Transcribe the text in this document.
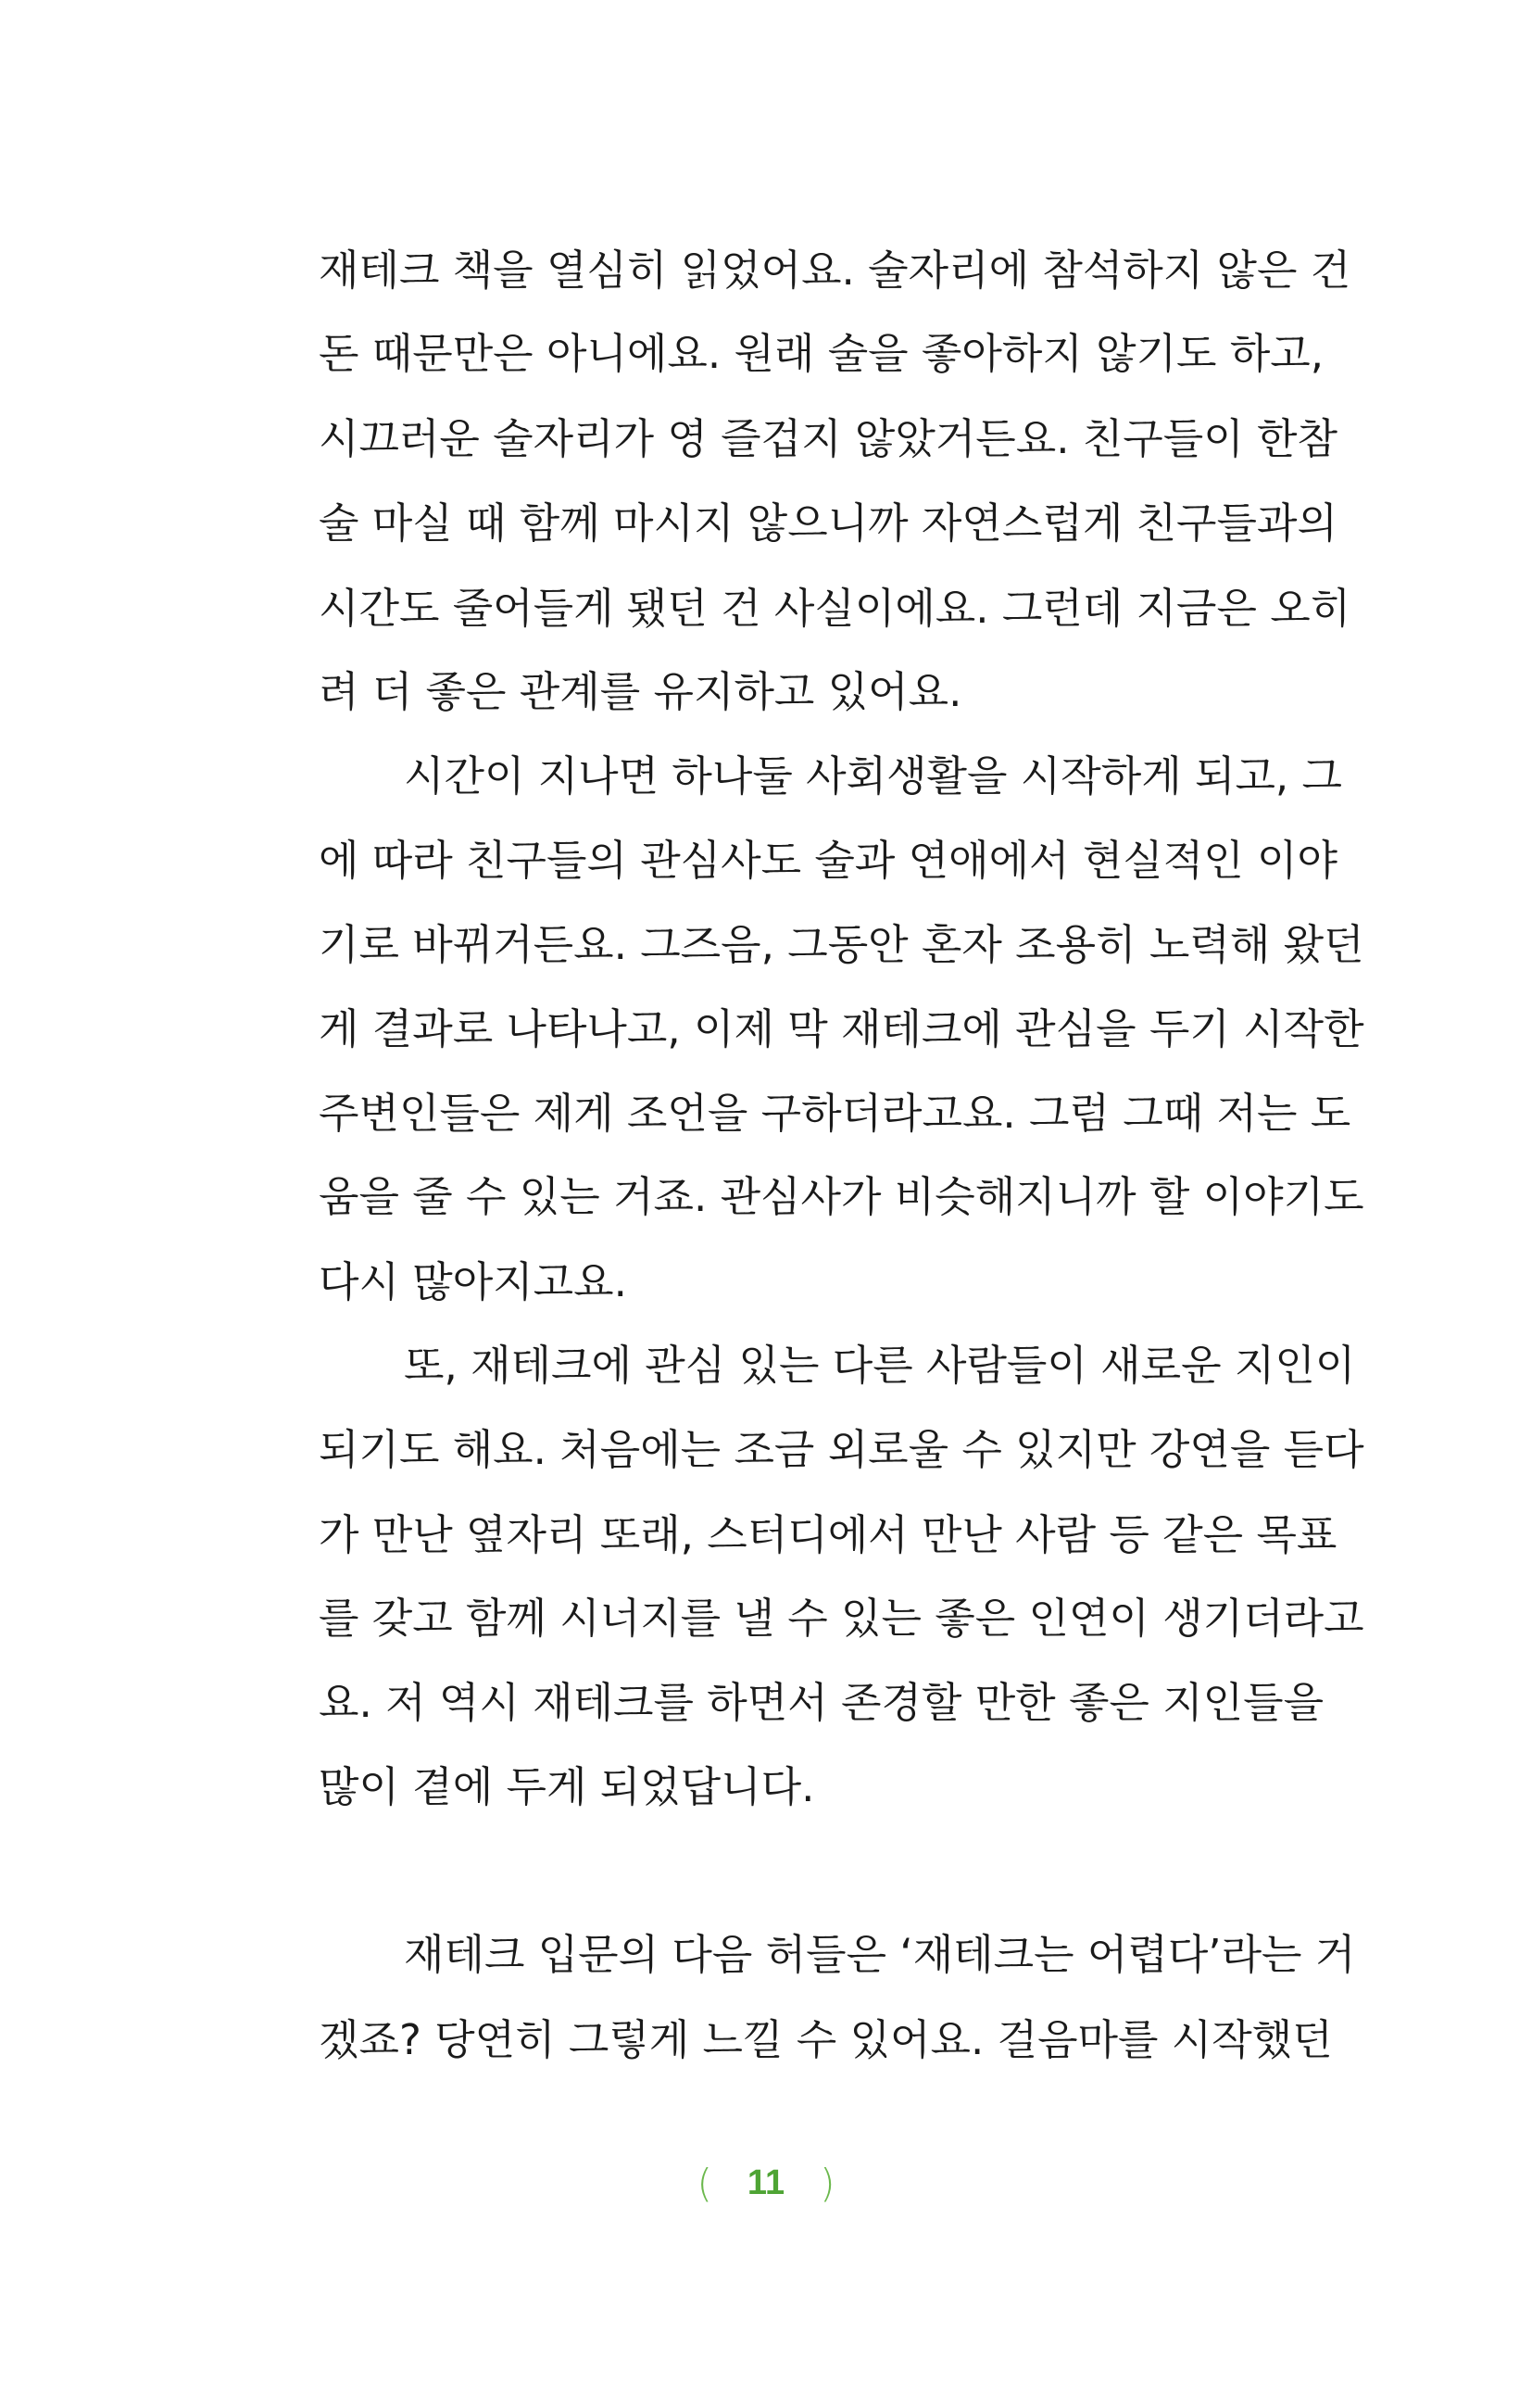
재테크 책을 열심히 읽었어요. 술자리에 참석하지 않은 건
돈 때문만은 아니에요. 원래 술을 좋아하지 않기도 하고,
시끄러운 술자리가 영 즐겁지 않았거든요. 친구들이 한참
술 마실 때 함께 마시지 않으니까 자연스럽게 친구들과의
시간도 줄어들게 됐던 건 사실이에요. 그런데 지금은 오히
려 더 좋은 관계를 유지하고 있어요.
시간이 지나면 하나둘 사회생활을 시작하게 되고, 그
에 따라 친구들의 관심사도 술과 연애에서 현실적인 이야
기로 바뀌거든요. 그즈음, 그동안 혼자 조용히 노력해 왔던
게 결과로 나타나고, 이제 막 재테크에 관심을 두기 시작한
주변인들은 제게 조언을 구하더라고요. 그럼 그때 저는 도
움을 줄 수 있는 거죠. 관심사가 비슷해지니까 할 이야기도
다시 많아지고요.
또, 재테크에 관심 있는 다른 사람들이 새로운 지인이
되기도 해요. 처음에는 조금 외로울 수 있지만 강연을 듣다
가 만난 옆자리 또래, 스터디에서 만난 사람 등 같은 목표
를 갖고 함께 시너지를 낼 수 있는 좋은 인연이 생기더라고
요. 저 역시 재테크를 하면서 존경할 만한 좋은 지인들을
많이 곁에 두게 되었답니다.
재테크 입문의 다음 허들은 ‘재테크는 어렵다’라는 거
겠죠? 당연히 그렇게 느낄 수 있어요. 걸음마를 시작했던
( 11 )
